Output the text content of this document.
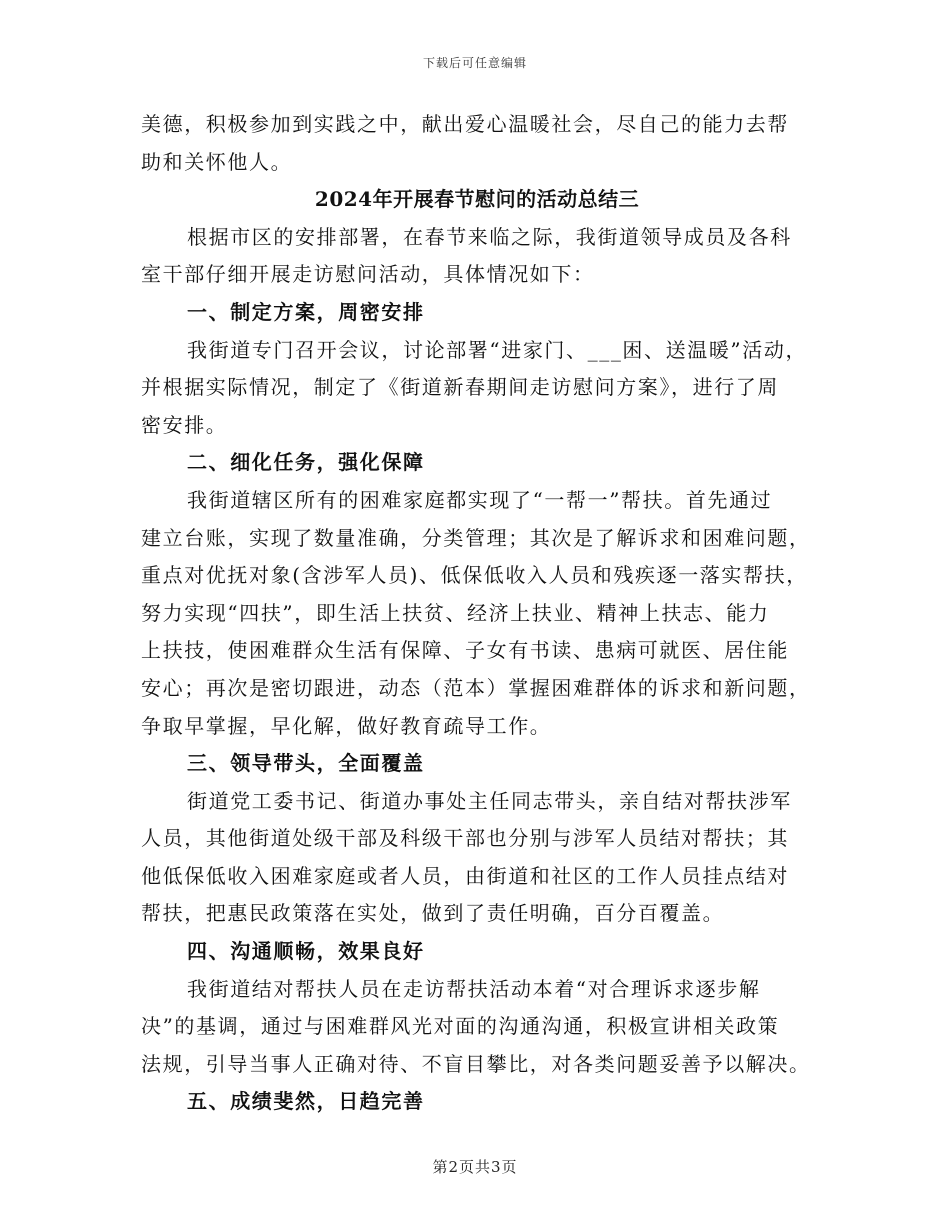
下载后可任意编辑
美德，积极参加到实践之中，献出爱心温暖社会，尽自己的能力去帮
助和关怀他人。
2024年开展春节慰问的活动总结三
根据市区的安排部署，在春节来临之际，我街道领导成员及各科
室干部仔细开展走访慰问活动，具体情况如下：
一、制定方案，周密安排
我街道专门召开会议，讨论部署“进家门、___困、送温暖”活动，
并根据实际情况，制定了《街道新春期间走访慰问方案》，进行了周
密安排。
二、细化任务，强化保障
我街道辖区所有的困难家庭都实现了“一帮一”帮扶。首先通过
建立台账，实现了数量准确，分类管理；其次是了解诉求和困难问题，
重点对优抚对象(含涉军人员)、低保低收入人员和残疾逐一落实帮扶，
努力实现“四扶”，即生活上扶贫、经济上扶业、精神上扶志、能力
上扶技，使困难群众生活有保障、子女有书读、患病可就医、居住能
安心；再次是密切跟进，动态（范本）掌握困难群体的诉求和新问题，
争取早掌握，早化解，做好教育疏导工作。
三、领导带头，全面覆盖
街道党工委书记、街道办事处主任同志带头，亲自结对帮扶涉军
人员，其他街道处级干部及科级干部也分别与涉军人员结对帮扶；其
他低保低收入困难家庭或者人员，由街道和社区的工作人员挂点结对
帮扶，把惠民政策落在实处，做到了责任明确，百分百覆盖。
四、沟通顺畅，效果良好
我街道结对帮扶人员在走访帮扶活动本着“对合理诉求逐步解
决”的基调，通过与困难群风光对面的沟通沟通，积极宣讲相关政策
法规，引导当事人正确对待、不盲目攀比，对各类问题妥善予以解决。
五、成绩斐然，日趋完善
第2页共3页
